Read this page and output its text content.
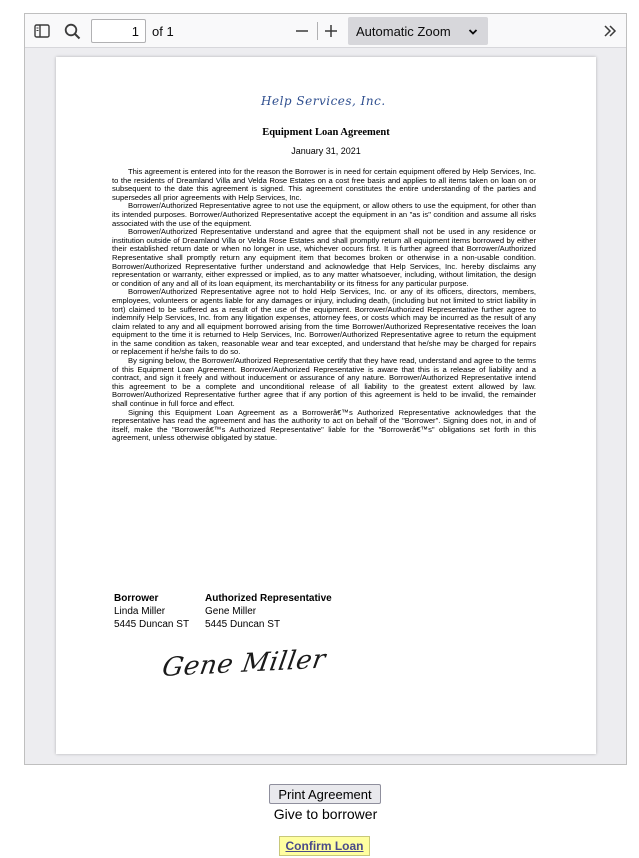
1
of 1	Automatic Zoom
Help Services, Inc.
Equipment Loan Agreement
January 31, 2021

This agreement is entered into for the reason the Borrower is in need for certain equipment offered by Help Services, Inc. to the residents of Dreamland Villa and Velda Rose Estates on a cost free basis and applies to all items taken on loan on or subsequent to the date this agreement is signed. This agreement constitutes the entire understanding of the parties and supersedes all prior agreements with Help Services, Inc.

Borrower/Authorized Representative agree to not use the equipment, or allow others to use the equipment, for other than its intended purposes. Borrower/Authorized Representative accept the equipment in an "as is" condition and assume all risks associated with the use of the equipment.

Borrower/Authorized Representative understand and agree that the equipment shall not be used in any residence or institution outside of Dreamland Villa or Velda Rose Estates and shall promptly return all equipment items borrowed by either their established return date or when no longer in use, whichever occurs first. It is further agreed that Borrower/Authorized Representative shall promptly return any equipment item that becomes broken or otherwise in a non-usable condition. Borrower/Authorized Representative further understand and acknowledge that Help Services, Inc. hereby disclaims any representation or warranty, either expressed or implied, as to any matter whatsoever, including, without limitation, the design or condition of any and all of its loan equipment, its merchantability or its fitness for any particular purpose.

Borrower/Authorized Representative agree not to hold Help Services, Inc. or any of its officers, directors, members, employees, volunteers or agents liable for any damages or injury, including death, (including but not limited to strict liability in tort) claimed to be suffered as a result of the use of the equipment. Borrower/Authorized Representative further agree to indemnify Help Services, Inc. from any litigation expenses, attorney fees, or costs which may be incurred as the result of any claim related to any and all equipment borrowed arising from the time Borrower/Authorized Representative receives the loan equipment to the time it is returned to Help Services, Inc. Borrower/Authorized Representative agree to return the equipment in the same condition as taken, reasonable wear and tear excepted, and understand that he/she may be charged for repairs or replacement if he/she fails to do so.

By signing below, the Borrower/Authorized Representative certify that they have read, understand and agree to the terms of this Equipment Loan Agreement. Borrower/Authorized Representative is aware that this is a release of liability and a contract, and sign it freely and without inducement or assurance of any nature. Borrower/Authorized Representative intend this agreement to be a complete and unconditional release of all liability to the greatest extent allowed by law. Borrower/Authorized Representative further agree that if any portion of this agreement is held to be invalid, the remainder shall continue in full force and effect.

Signing this Equipment Loan Agreement as a Borrowerâ€™s Authorized Representative acknowledges that the representative has read the agreement and has the authority to act on behalf of the "Borrower". Signing does not, in and of itself, make the "Borrowerâ€™s Authorized Representative" liable for the "Borrowerâ€™s" obligations set forth in this agreement, unless otherwise obligated by statue.

Borrower
Linda Miller
5445 Duncan ST
Authorized Representative
Gene Miller
5445 Duncan ST
Gene Miller
Print Agreement
Give to borrower
Confirm Loan
